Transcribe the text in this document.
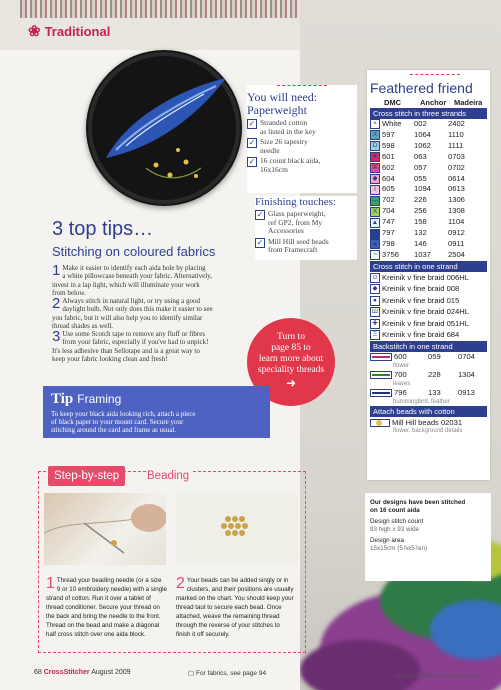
❀ Traditional
You will need:
Paperweight
✓ Stranded cotton
as listed in the key
✓ Size 26 tapestry
needle
✓ 16 count black aida,
16x16cm
Finishing touches:
✓ Glass paperweight,
ref GP2, from My
Accessories
✓ Mill Hill seed beads
from Framecraft
3 top tips…
Stitching on coloured fabrics
1 Make it easier to identify each aida hole by placing
a white pillowcase beneath your fabric. Alternatively,
invest in a lap light, which will illuminate your work
from below.
2 Always stitch in natural light, or try using a good
daylight bulb. Not only does this make it easier to see
you fabric, but it will also help you to identify similar
thread shades as well.
3 Use some Scotch tape to remove any fluff or fibres
from your fabric, especially if you've had to unpick!
It's less adhesive than Sellotape and is a great way to
keep your fabric looking clean and fresh!
Turn to
page 85 to
learn more about
speciality threads
➜
Tip Framing

To keep your black aida looking rich, attach a piece
of black paper to your mount card. Secure your
stitching around the card and frame as usual.

Step-by-step	Beading
1 Thread your beading needle (or a size
9 or 10 embroidery needle) with a single
strand of cotton. Run it over a tablet of
thread conditioner. Secure your thread on
the back and bring the needle to the front.
Thread on the bead and make a diagonal
half cross stitch over one aida block.
2 Your beads can be added singly or in
clusters, and their positions are usually
marked on the chart. You should keep your
thread taut to secure each bead. Once
attached, weave the remaining thread
through the reverse of your stitches to
finish it off securely.
68 CrossStitcher August 2009	▢ For fabrics, see page 94	www.crossstitchermagazine.co.uk
Feathered friend
DMC	Anchor	Madeira
Cross stitch in three strands
× White	002	2402
X 597	1064	1110
D 598	1062	1111
♥ 601	063	0703
⌘ 602	057	0702
◆ 604	055	0614
I 605	1094	0613
— 702	226	1306
X 704	256	1308
▲ 747	158	1104
■ 797	132	0912
▲ 798	146	0911
~ 3756	1037	2504
Cross stitch in one strand
⊙ Kreinik v fine braid 006HL
◆ Kreinik v fine braid 008
● Kreinik v fine braid 015
Ш Kreinik v fine braid 024HL
✚ Kreinik v fine braid 051HL
Ξ Kreinik v fine braid 684
Backstitch in one strand
600	059	0704
flower
700	228	1304
leaves
796	133	0913
hummingbird, feather
Attach beads with cotton
Mill Hill beads 02031
flower, background details

Our designs have been stitched

on 16 count aida

Design stitch count

93 high x 93 wide

Design area

15x15cm (5⅞x5⅞in)
